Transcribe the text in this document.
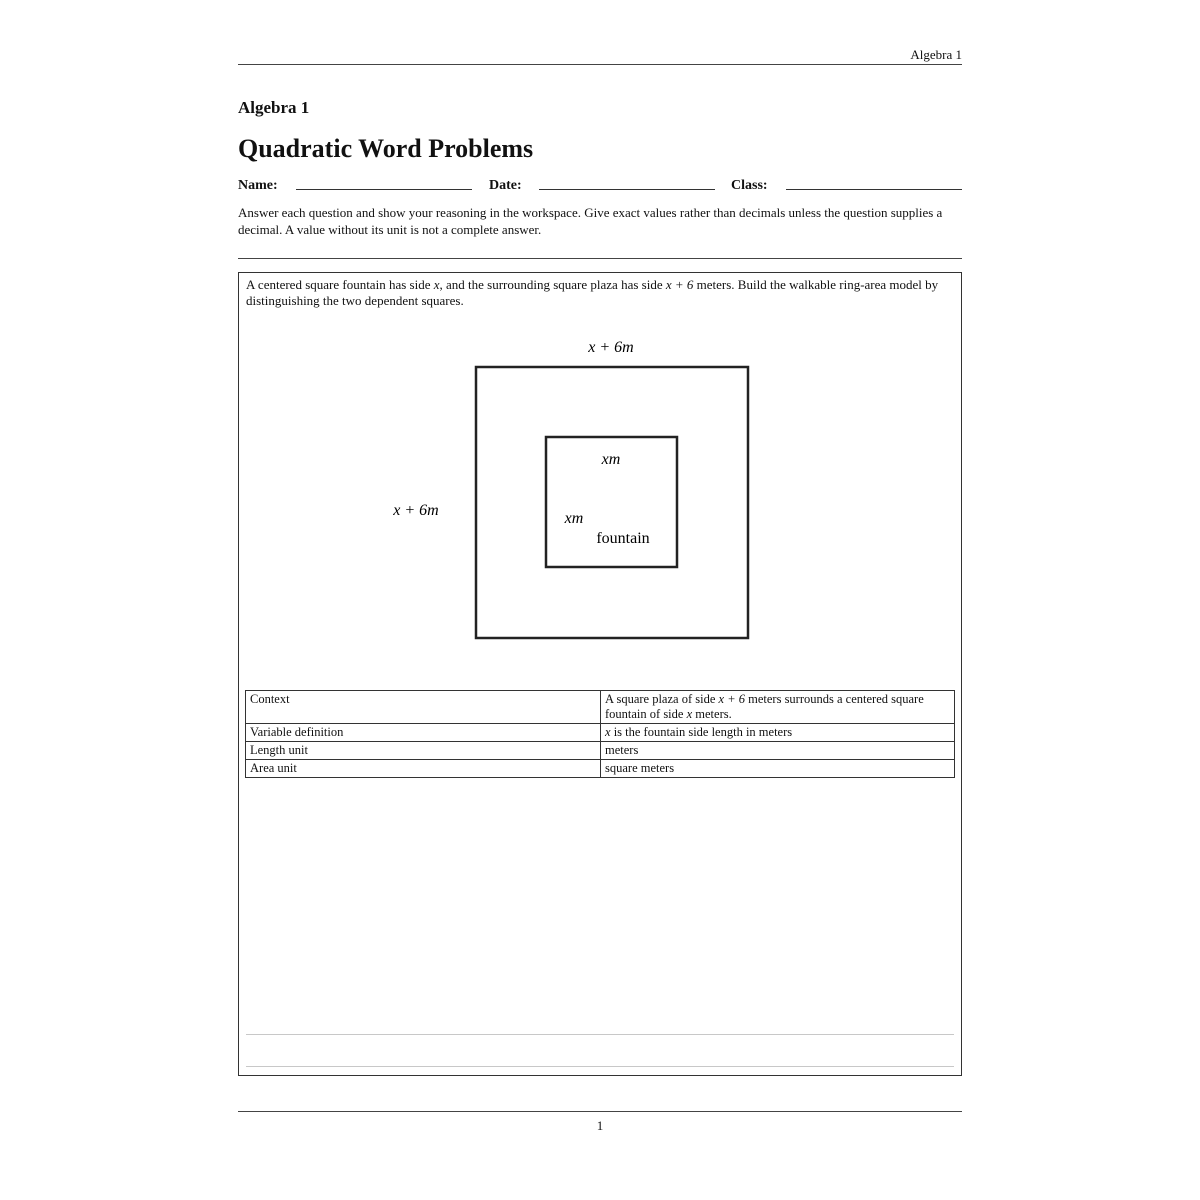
Algebra 1
Algebra 1
Quadratic Word Problems
Name:	Date:	Class:
Answer each question and show your reasoning in the workspace. Give exact values rather than decimals unless the question supplies a decimal. A value without its unit is not a complete answer.
A centered square fountain has side x, and the surrounding square plaza has side x + 6 meters. Build the walkable ring-area model by distinguishing the two dependent squares.
x + 6m
x + 6m
xm
xm
fountain
Context	A square plaza of side x + 6 meters surrounds a centered square fountain of side x meters.
Variable definition	x is the fountain side length in meters
Length unit	meters
Area unit	square meters
1
